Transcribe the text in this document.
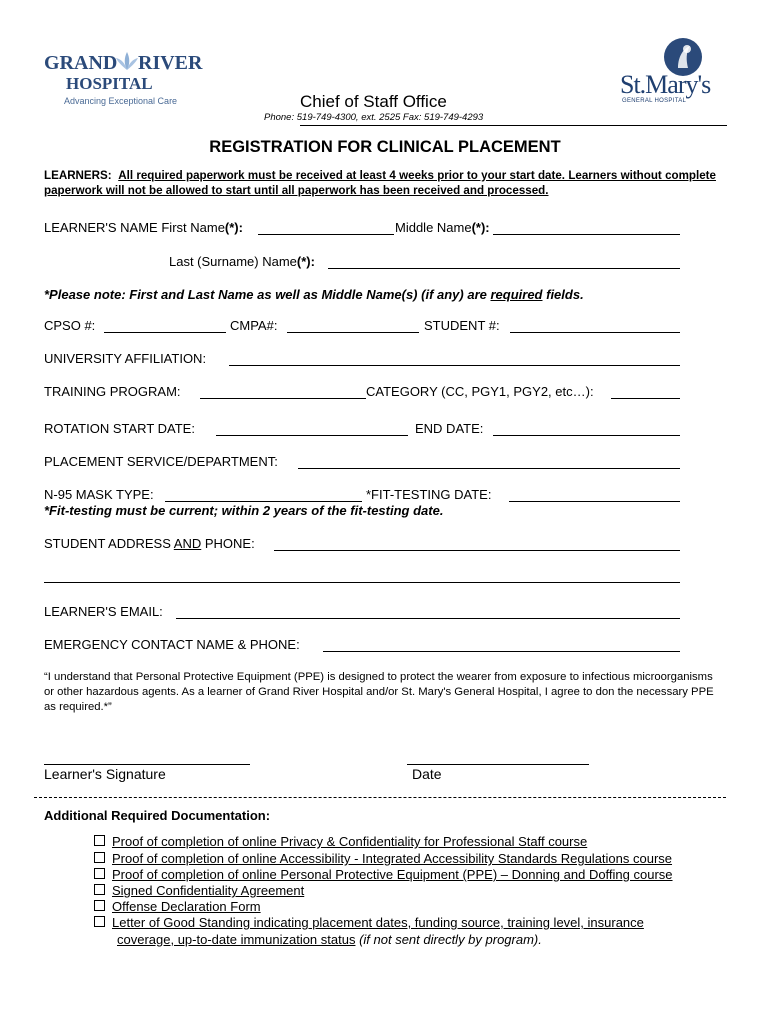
GRAND RIVER
HOSPITAL
Advancing Exceptional Care
St.Mary's
GENERAL HOSPITAL
Chief of Staff Office
Phone: 519-749-4300, ext. 2525 Fax: 519-749-4293
REGISTRATION FOR CLINICAL PLACEMENT
LEARNERS: All required paperwork must be received at least 4 weeks prior to your start date. Learners without complete paperwork will not be allowed to start until all paperwork has been received and processed.
LEARNER'S NAME First Name(*):	Middle Name(*):
Last (Surname) Name(*):
*Please note: First and Last Name as well as Middle Name(s) (if any) are required fields.
CPSO #:	CMPA#:	STUDENT #:
UNIVERSITY AFFILIATION:
TRAINING PROGRAM:	CATEGORY (CC, PGY1, PGY2, etc…):
ROTATION START DATE:	END DATE:
PLACEMENT SERVICE/DEPARTMENT:
N-95 MASK TYPE:	*FIT-TESTING DATE:
*Fit-testing must be current; within 2 years of the fit-testing date.
STUDENT ADDRESS AND PHONE:
LEARNER'S EMAIL:
EMERGENCY CONTACT NAME & PHONE:
“I understand that Personal Protective Equipment (PPE) is designed to protect the wearer from exposure to infectious microorganisms or other hazardous agents. As a learner of Grand River Hospital and/or St. Mary's General Hospital, I agree to don the necessary PPE as required.*”
Learner's Signature	Date
Additional Required Documentation:
Proof of completion of online Privacy & Confidentiality for Professional Staff course
Proof of completion of online Accessibility - Integrated Accessibility Standards Regulations course
Proof of completion of online Personal Protective Equipment (PPE) – Donning and Doffing course
Signed Confidentiality Agreement
Offense Declaration Form
Letter of Good Standing indicating placement dates, funding source, training level, insurance
coverage, up-to-date immunization status (if not sent directly by program).
